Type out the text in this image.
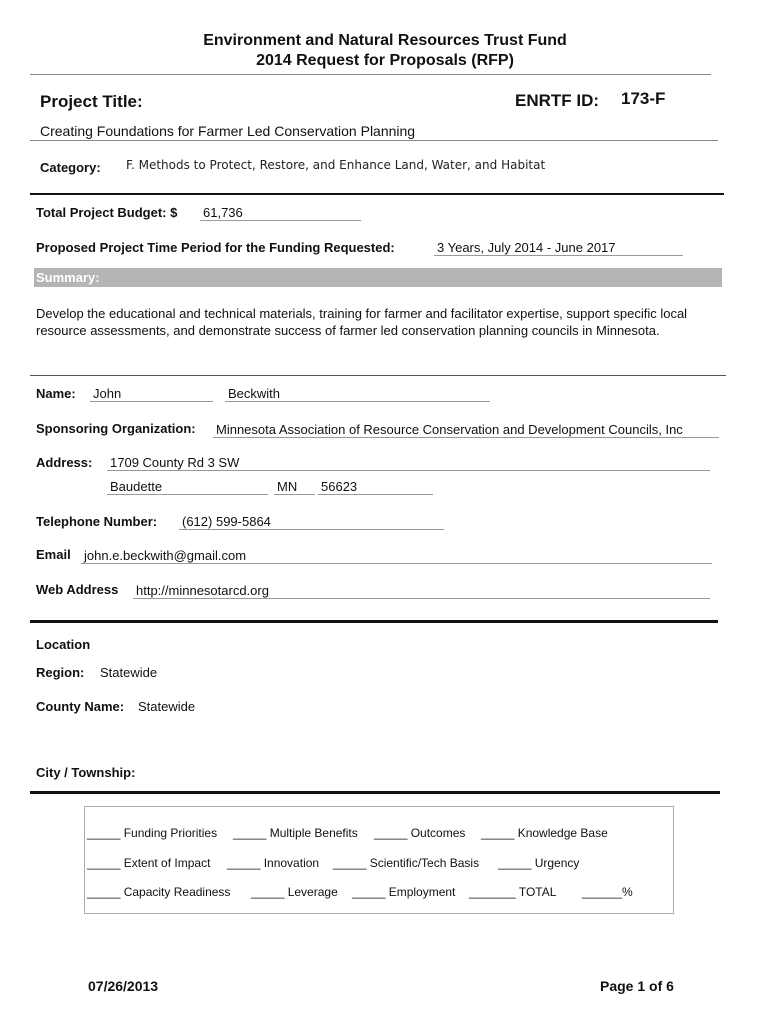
Environment and Natural Resources Trust Fund
2014 Request for Proposals (RFP)
Project Title:	ENRTF ID: 173-F
Creating Foundations for Farmer Led Conservation Planning
Category: F. Methods to Protect, Restore, and Enhance Land, Water, and Habitat
Total Project Budget: $ 61,736
Proposed Project Time Period for the Funding Requested:	3 Years, July 2014 - June 2017
Summary:
Develop the educational and technical materials, training for farmer and facilitator expertise, support specific local resource assessments, and demonstrate success of farmer led conservation planning councils in Minnesota.
Name: John	Beckwith
Sponsoring Organization: Minnesota Association of Resource Conservation and Development Councils, Inc
Address: 1709 County Rd 3 SW
Baudette	MN	56623
Telephone Number: (612) 599-5864
Email john.e.beckwith@gmail.com
Web Address http://minnesotarcd.org
Location
Region: Statewide
County Name: Statewide
City / Township:
_____ Funding Priorities _____ Multiple Benefits _____ Outcomes _____ Knowledge Base
_____ Extent of Impact _____ Innovation _____ Scientific/Tech Basis _____ Urgency
_____ Capacity Readiness _____ Leverage _____ Employment _______ TOTAL ______%
07/26/2013	Page 1 of 6
